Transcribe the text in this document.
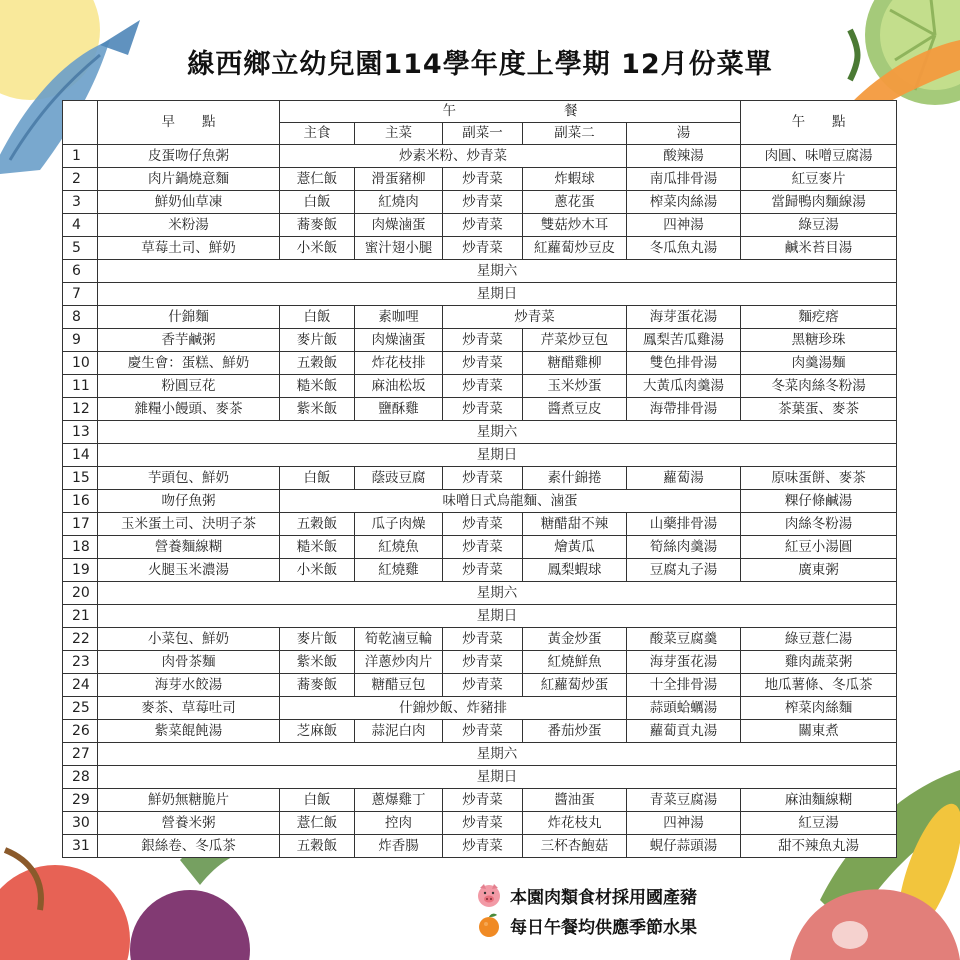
線西鄉立幼兒園114學年度上學期 12月份菜單
	早　　點	午　　　　　　　　餐					午　　點
		主食	主菜	副菜一	副菜二	湯	
1	皮蛋吻仔魚粥	炒素米粉、炒青菜				酸辣湯	肉圓、味噌豆腐湯
2	肉片鍋燒意麵	薏仁飯	滑蛋豬柳	炒青菜	炸蝦球	南瓜排骨湯	紅豆麥片
3	鮮奶仙草凍	白飯	紅燒肉	炒青菜	蔥花蛋	榨菜肉絲湯	當歸鴨肉麵線湯
4	米粉湯	蕎麥飯	肉燥滷蛋	炒青菜	雙菇炒木耳	四神湯	綠豆湯
5	草莓土司、鮮奶	小米飯	蜜汁翅小腿	炒青菜	紅蘿蔔炒豆皮	冬瓜魚丸湯	鹹米苔目湯
6	星期六						
7	星期日						
8	什錦麵	白飯	素咖哩	炒青菜		海芽蛋花湯	麵疙瘩
9	香芋鹹粥	麥片飯	肉燥滷蛋	炒青菜	芹菜炒豆包	鳳梨苦瓜雞湯	黑糖珍珠
10	慶生會：蛋糕、鮮奶	五穀飯	炸花枝排	炒青菜	糖醋雞柳	雙色排骨湯	肉羹湯麵
11	粉圓豆花	糙米飯	麻油松坂	炒青菜	玉米炒蛋	大黃瓜肉羹湯	冬菜肉絲冬粉湯
12	雜糧小饅頭、麥茶	紫米飯	鹽酥雞	炒青菜	醬煮豆皮	海帶排骨湯	茶葉蛋、麥茶
13	星期六						
14	星期日						
15	芋頭包、鮮奶	白飯	蔭豉豆腐	炒青菜	素什錦捲	蘿蔔湯	原味蛋餅、麥茶
16	吻仔魚粥	味噌日式烏龍麵、滷蛋					粿仔條鹹湯
17	玉米蛋土司、決明子茶	五穀飯	瓜子肉燥	炒青菜	糖醋甜不辣	山藥排骨湯	肉絲冬粉湯
18	營養麵線糊	糙米飯	紅燒魚	炒青菜	燴黃瓜	筍絲肉羹湯	紅豆小湯圓
19	火腿玉米濃湯	小米飯	紅燒雞	炒青菜	鳳梨蝦球	豆腐丸子湯	廣東粥
20	星期六						
21	星期日						
22	小菜包、鮮奶	麥片飯	筍乾滷豆輪	炒青菜	黃金炒蛋	酸菜豆腐羹	綠豆薏仁湯
23	肉骨茶麵	紫米飯	洋蔥炒肉片	炒青菜	紅燒鮮魚	海芽蛋花湯	雞肉蔬菜粥
24	海芽水餃湯	蕎麥飯	糖醋豆包	炒青菜	紅蘿蔔炒蛋	十全排骨湯	地瓜薯條、冬瓜茶
25	麥茶、草莓吐司	什錦炒飯、炸豬排				蒜頭蛤蠣湯	榨菜肉絲麵
26	紫菜餛飩湯	芝麻飯	蒜泥白肉	炒青菜	番茄炒蛋	蘿蔔貢丸湯	關東煮
27	星期六						
28	星期日						
29	鮮奶無糖脆片	白飯	蔥爆雞丁	炒青菜	醬油蛋	青菜豆腐湯	麻油麵線糊
30	營養米粥	薏仁飯	控肉	炒青菜	炸花枝丸	四神湯	紅豆湯
31	銀絲卷、冬瓜茶	五穀飯	炸香腸	炒青菜	三杯杏鮑菇	蜆仔蒜頭湯	甜不辣魚丸湯
本園肉類食材採用國產豬
每日午餐均供應季節水果
